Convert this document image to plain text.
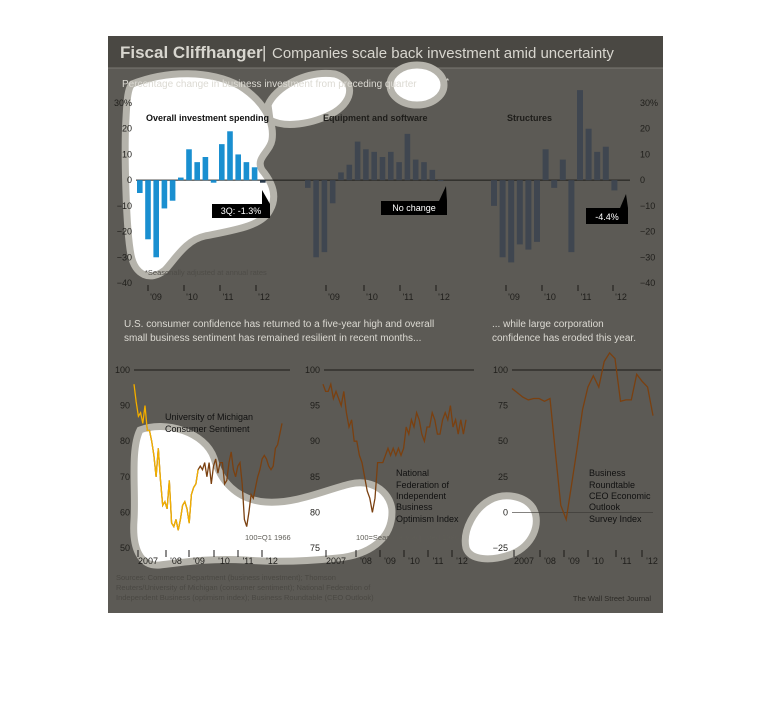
Fiscal Cliffhanger | Companies scale back investment amid uncertainty
Percentage change in business investment from preceding quarter	*
*Seasonally adjusted at annual rates
U.S. consumer confidence has returned to a five-year high and overall small business sentiment has remained resilient in recent months...
... while large corporation confidence has eroded this year.
Sources: Commerce Department (business investment); Thomson Reuters/University of Michigan (consumer sentiment); National Federation of Independent Business (optimism index); Business Roundtable (CEO Outlook)	The Wall Street Journal
−40
−30
−20
−10
0
10
20
30%
−40
−30
−20
−10
0
10
20
30%
Overall investment spending
'09	'10	'11	'12
3Q: -1.3%
Equipment and software
'09	'10	'11	'12
No change
Structures
'09	'10	'11	'12
-4.4%
50
60
70
80
90
100
University of Michigan
Consumer Sentiment
100=Q1 1966
2007 '08 '09 '10 '11 '12
75
80
85
90
95
100
National
Federation of
Independent
Business
Optimism Index
100=Seasonally adjusted 1986
2007 '08 '09 '10 '11 '12
−25
0
25
50
75
100
Business
Roundtable
CEO Economic
Outlook
Survey Index
2007 '08 '09 '10 '11 '12
